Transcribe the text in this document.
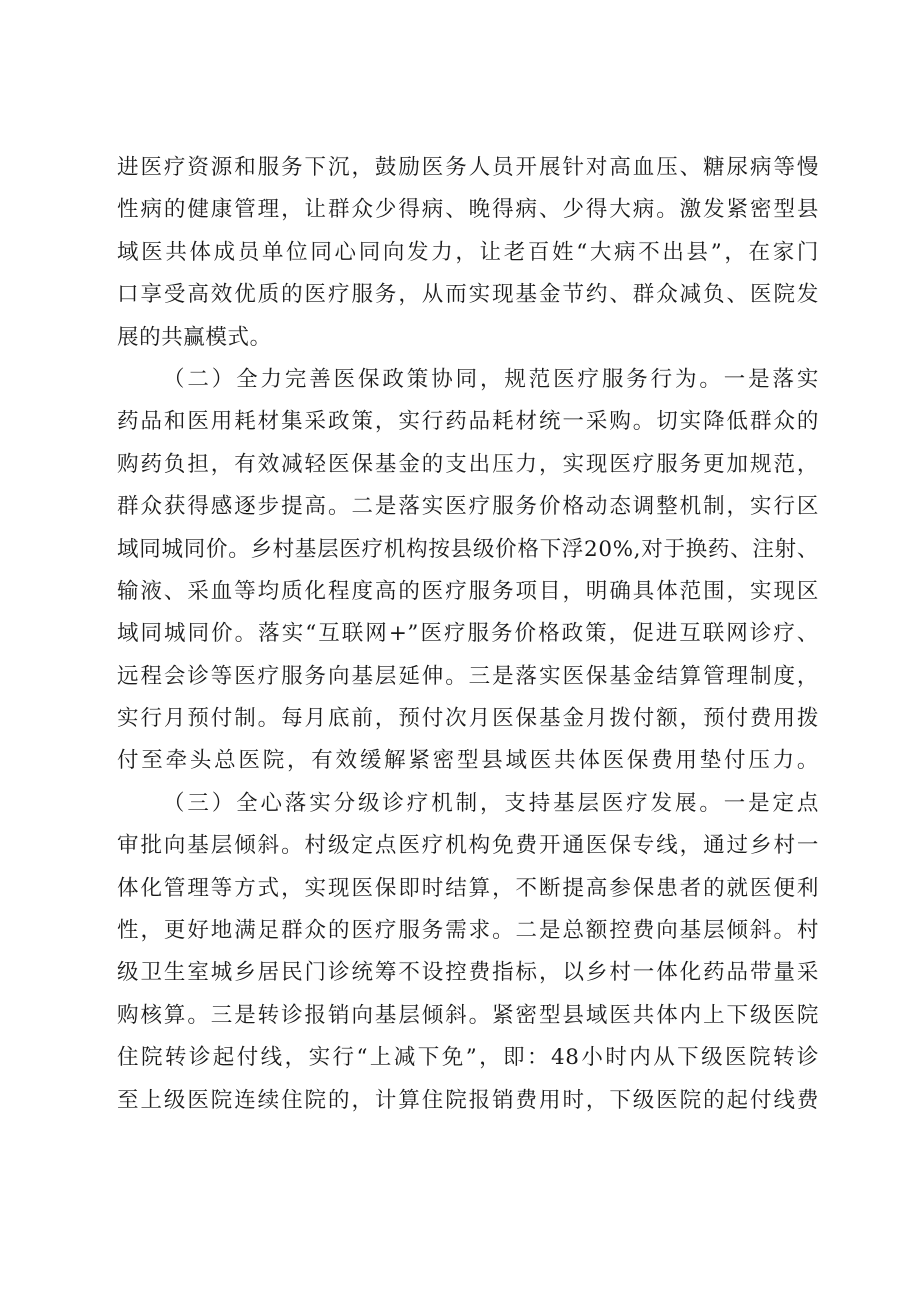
进医疗资源和服务下沉，鼓励医务人员开展针对高血压、糖尿病等慢
性病的健康管理，让群众少得病、晚得病、少得大病。激发紧密型县
域医共体成员单位同心同向发力，让老百姓“大病不出县”，在家门
口享受高效优质的医疗服务，从而实现基金节约、群众减负、医院发
展的共赢模式。
（二）全力完善医保政策协同，规范医疗服务行为。一是落实
药品和医用耗材集采政策，实行药品耗材统一采购。切实降低群众的
购药负担，有效减轻医保基金的支出压力，实现医疗服务更加规范，
群众获得感逐步提高。二是落实医疗服务价格动态调整机制，实行区
域同城同价。乡村基层医疗机构按县级价格下浮20%,对于换药、注射、
输液、采血等均质化程度高的医疗服务项目，明确具体范围，实现区
域同城同价。落实“互联网+”医疗服务价格政策，促进互联网诊疗、
远程会诊等医疗服务向基层延伸。三是落实医保基金结算管理制度，
实行月预付制。每月底前，预付次月医保基金月拨付额，预付费用拨
付至牵头总医院，有效缓解紧密型县域医共体医保费用垫付压力。
（三）全心落实分级诊疗机制，支持基层医疗发展。一是定点
审批向基层倾斜。村级定点医疗机构免费开通医保专线，通过乡村一
体化管理等方式，实现医保即时结算，不断提高参保患者的就医便利
性，更好地满足群众的医疗服务需求。二是总额控费向基层倾斜。村
级卫生室城乡居民门诊统筹不设控费指标，以乡村一体化药品带量采
购核算。三是转诊报销向基层倾斜。紧密型县域医共体内上下级医院
住院转诊起付线，实行“上减下免”，即：48小时内从下级医院转诊
至上级医院连续住院的，计算住院报销费用时，下级医院的起付线费
